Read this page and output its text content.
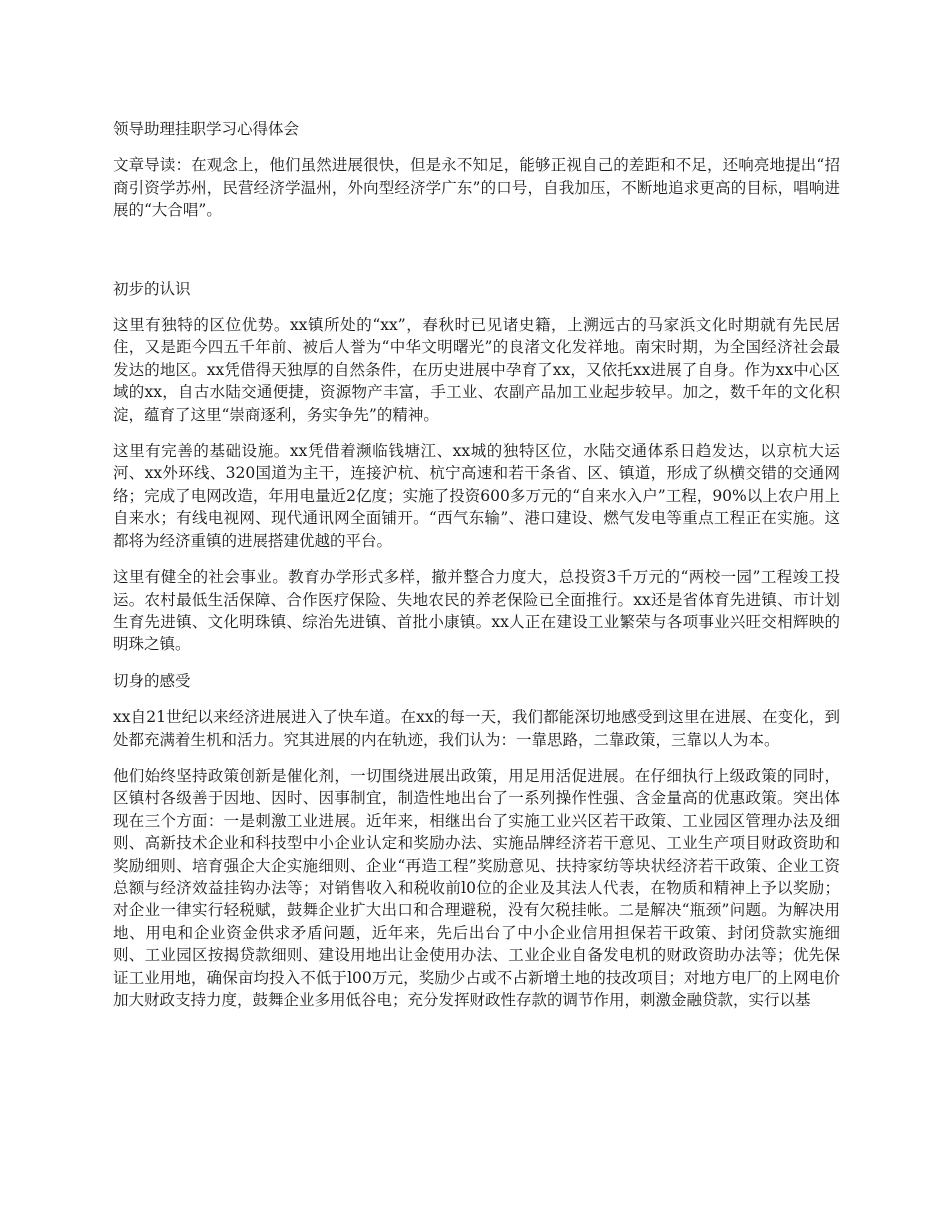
领导助理挂职学习心得体会

文章导读：在观念上，他们虽然进展很快，但是永不知足，能够正视自己的差距和不足，还响亮地提出“招商引资学苏州，民营经济学温州，外向型经济学广东”的口号，自我加压，不断地追求更高的目标，唱响进展的“大合唱”。

初步的认识

这里有独特的区位优势。xx镇所处的“xx”，春秋时已见诸史籍，上溯远古的马家浜文化时期就有先民居住，又是距今四五千年前、被后人誉为“中华文明曙光”的良渚文化发祥地。南宋时期，为全国经济社会最发达的地区。xx凭借得天独厚的自然条件，在历史进展中孕育了xx，又依托xx进展了自身。作为xx中心区域的xx，自古水陆交通便捷，资源物产丰富，手工业、农副产品加工业起步较早。加之，数千年的文化积淀，蕴育了这里“崇商逐利，务实争先”的精神。

这里有完善的基础设施。xx凭借着濒临钱塘江、xx城的独特区位，水陆交通体系日趋发达，以京杭大运河、xx外环线、320国道为主干，连接沪杭、杭宁高速和若干条省、区、镇道，形成了纵横交错的交通网络；完成了电网改造，年用电量近2亿度；实施了投资600多万元的“自来水入户”工程，90%以上农户用上自来水；有线电视网、现代通讯网全面铺开。“西气东输”、港口建设、燃气发电等重点工程正在实施。这都将为经济重镇的进展搭建优越的平台。

这里有健全的社会事业。教育办学形式多样，撤并整合力度大，总投资3千万元的“两校一园”工程竣工投运。农村最低生活保障、合作医疗保险、失地农民的养老保险已全面推行。xx还是省体育先进镇、市计划生育先进镇、文化明珠镇、综治先进镇、首批小康镇。xx人正在建设工业繁荣与各项事业兴旺交相辉映的明珠之镇。

切身的感受

xx自21世纪以来经济进展进入了快车道。在xx的每一天，我们都能深切地感受到这里在进展、在变化，到处都充满着生机和活力。究其进展的内在轨迹，我们认为：一靠思路，二靠政策，三靠以人为本。

他们始终坚持政策创新是催化剂，一切围绕进展出政策，用足用活促进展。在仔细执行上级政策的同时，区镇村各级善于因地、因时、因事制宜，制造性地出台了一系列操作性强、含金量高的优惠政策。突出体现在三个方面：一是刺激工业进展。近年来，相继出台了实施工业兴区若干政策、工业园区管理办法及细则、高新技术企业和科技型中小企业认定和奖励办法、实施品牌经济若干意见、工业生产项目财政资助和奖励细则、培育强企大企实施细则、企业“再造工程”奖励意见、扶持家纺等块状经济若干政策、企业工资总额与经济效益挂钩办法等；对销售收入和税收前l0位的企业及其法人代表，在物质和精神上予以奖励；对企业一律实行轻税赋，鼓舞企业扩大出口和合理避税，没有欠税挂帐。二是解决“瓶颈”问题。为解决用地、用电和企业资金供求矛盾问题，近年来，先后出台了中小企业信用担保若干政策、封闭贷款实施细则、工业园区按揭贷款细则、建设用地出让金使用办法、工业企业自备发电机的财政资助办法等；优先保证工业用地，确保亩均投入不低于l00万元，奖励少占或不占新增土地的技改项目；对地方电厂的上网电价加大财政支持力度，鼓舞企业多用低谷电；充分发挥财政性存款的调节作用，刺激金融贷款，实行以基
